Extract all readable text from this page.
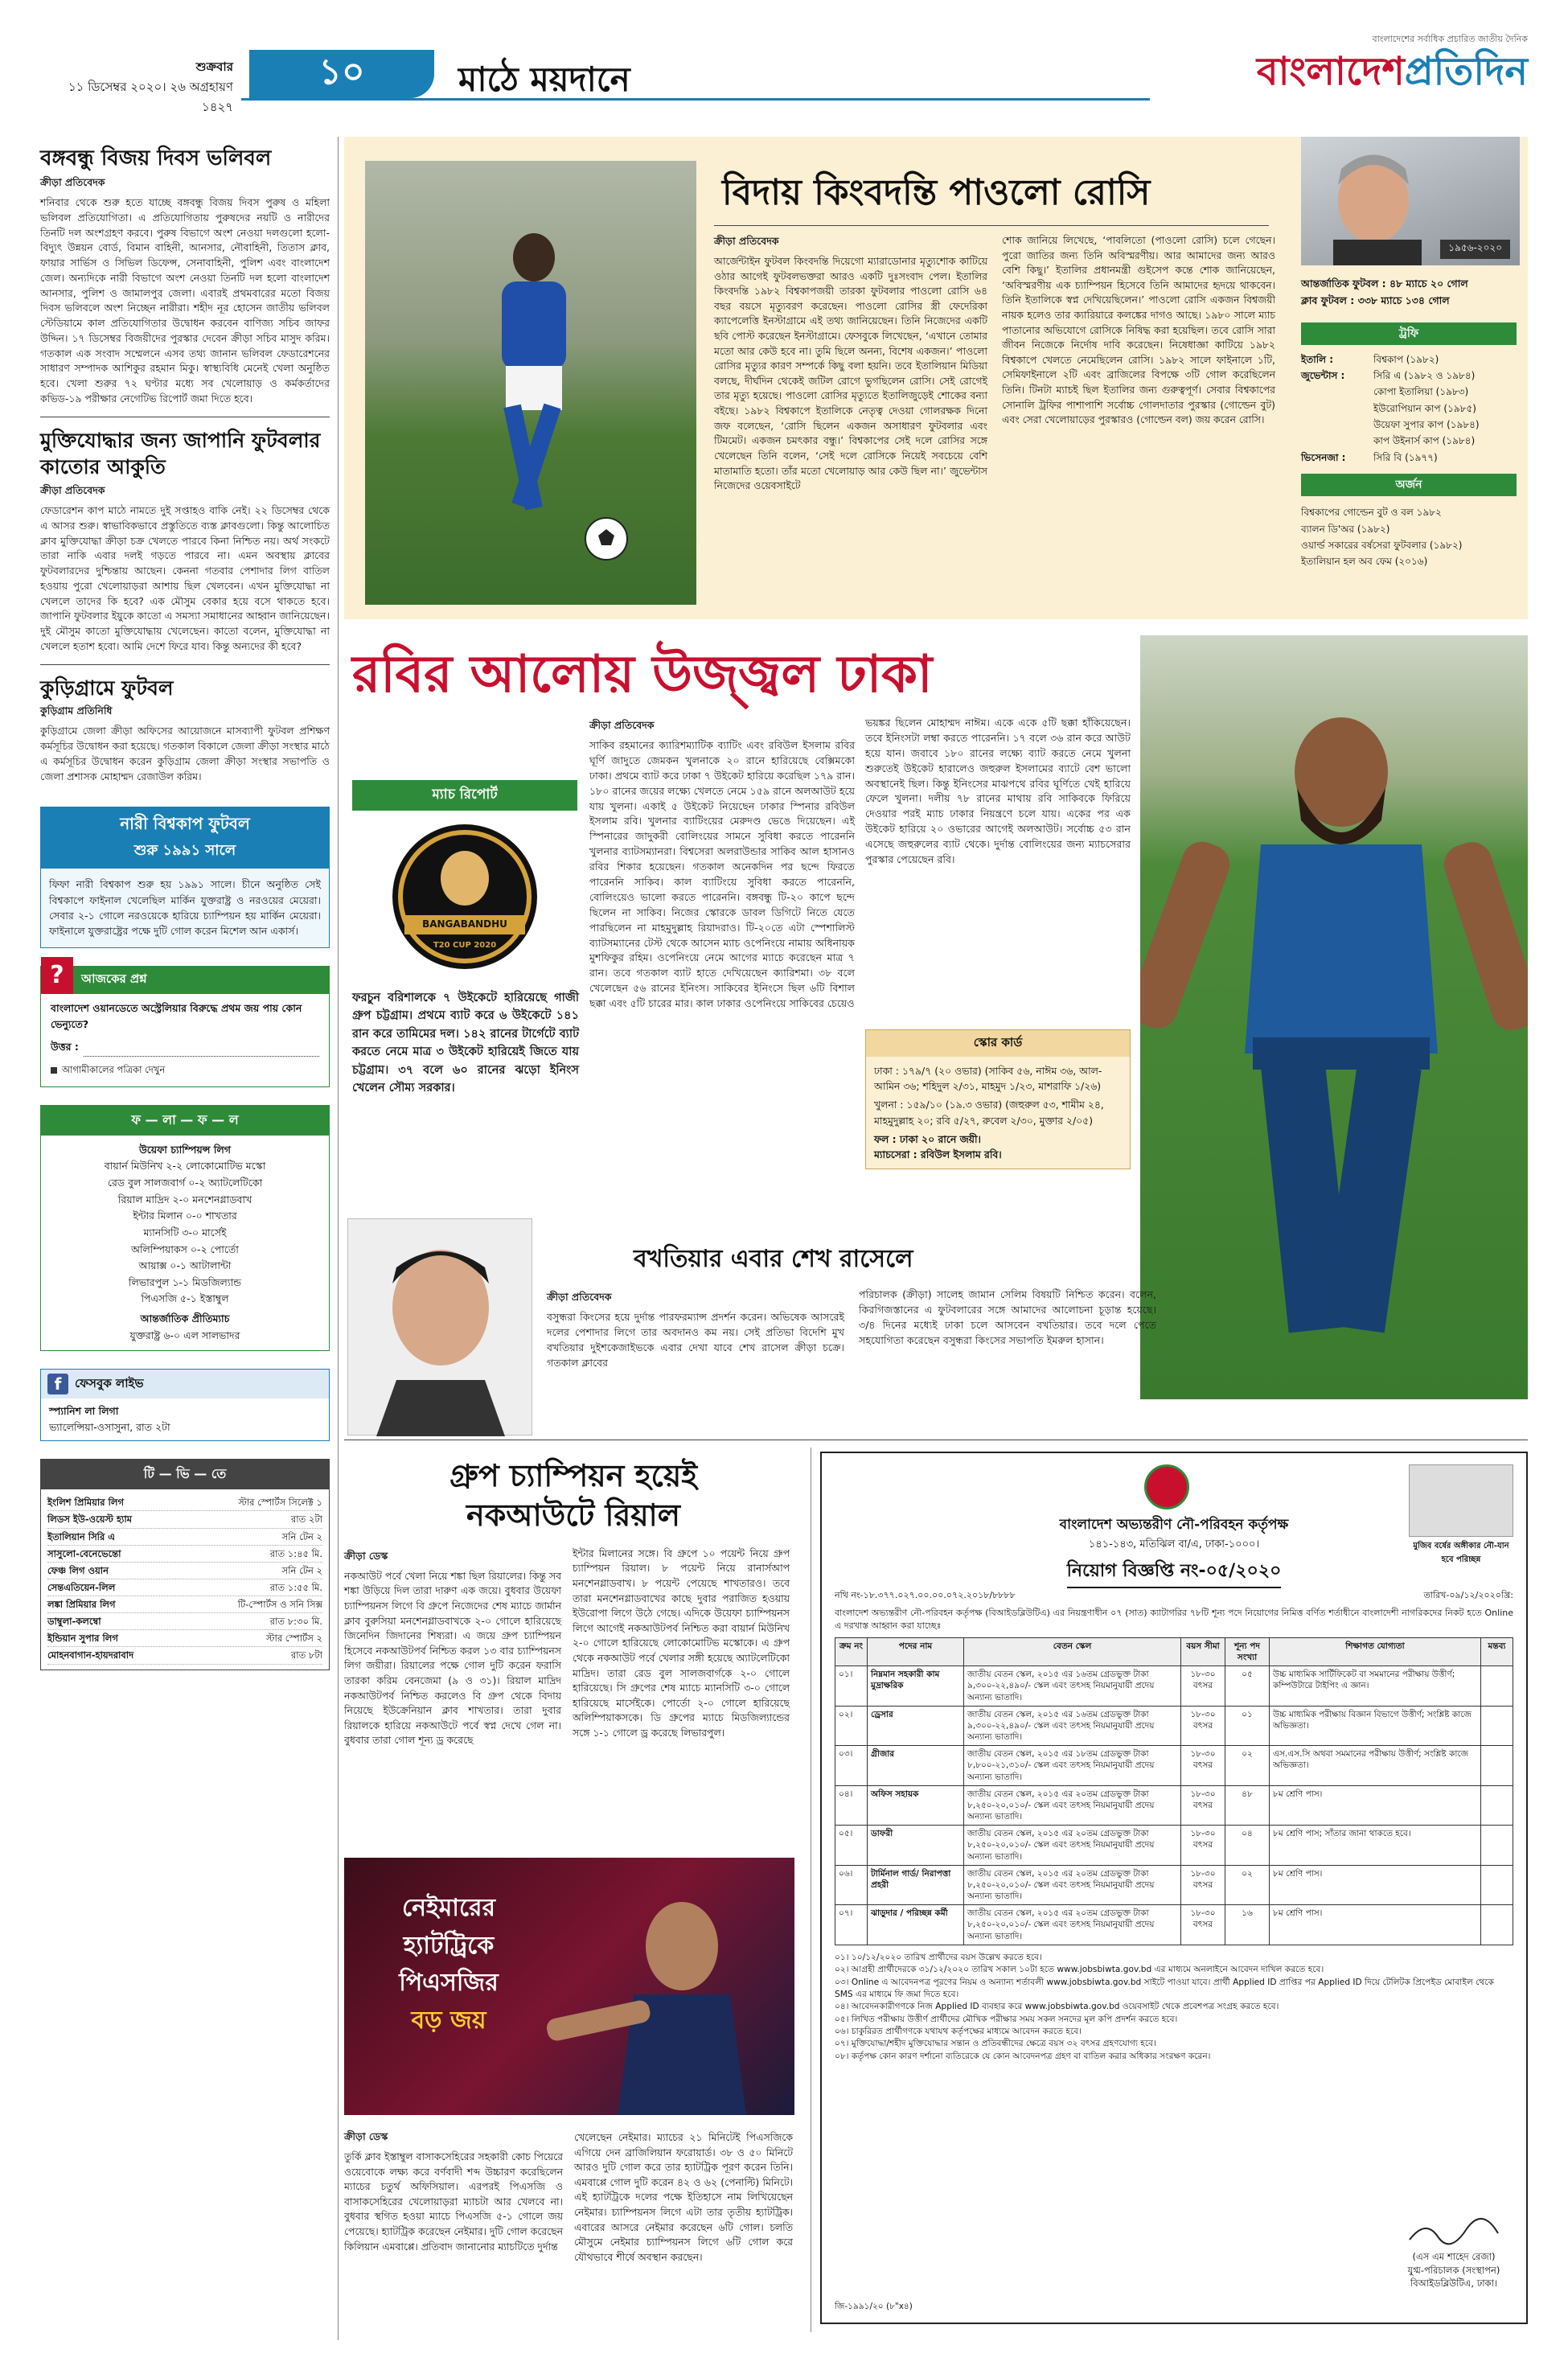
শুক্রবার
১১ ডিসেম্বর ২০২০। ২৬ অগ্রহায়ণ ১৪২৭
১০	মাঠে ময়দানে
বাংলাদেশের সর্বাধিক প্রচারিত জাতীয় দৈনিক
বাংলাদেশপ্রতিদিন
বঙ্গবন্ধু বিজয় দিবস ভলিবল
ক্রীড়া প্রতিবেদক
শনিবার থেকে শুরু হতে যাচ্ছে বঙ্গবন্ধু বিজয় দিবস পুরুষ ও মহিলা ভলিবল প্রতিযোগিতা। এ প্রতিযোগিতায় পুরুষদের নয়টি ও নারীদের তিনটি দল অংশগ্রহণ করবে। পুরুষ বিভাগে অংশ নেওয়া দলগুলো হলো- বিদ্যুৎ উন্নয়ন বোর্ড, বিমান বাহিনী, আনসার, নৌবাহিনী, তিতাস ক্লাব, ফায়ার সার্ভিস ও সিভিল ডিফেন্স, সেনাবাহিনী, পুলিশ এবং বাংলাদেশ জেল। অন্যদিকে নারী বিভাগে অংশ নেওয়া তিনটি দল হলো বাংলাদেশ আনসার, পুলিশ ও জামালপুর জেলা। এবারই প্রথমবারের মতো বিজয় দিবস ভলিবলে অংশ নিচ্ছেন নারীরা। শহীদ নূর হোসেন জাতীয় ভলিবল স্টেডিয়ামে কাল প্রতিযোগিতার উদ্বোধন করবেন বাণিজ্য সচিব জাফর উদ্দিন। ১৭ ডিসেম্বর বিজয়ীদের পুরস্কার দেবেন ক্রীড়া সচিব মাসুদ করিম। গতকাল এক সংবাদ সম্মেলনে এসব তথ্য জানান ভলিবল ফেডারেশনের সাধারণ সম্পাদক আশিকুর রহমান মিকু। স্বাস্থ্যবিধি মেনেই খেলা অনুষ্ঠিত হবে। খেলা শুরুর ৭২ ঘণ্টার মধ্যে সব খেলোয়াড় ও কর্মকর্তাদের কভিড-১৯ পরীক্ষার নেগেটিভ রিপোর্ট জমা দিতে হবে।
মুক্তিযোদ্ধার জন্য জাপানি ফুটবলার কাতোর আকুতি
ক্রীড়া প্রতিবেদক
ফেডারেশন কাপ মাঠে নামতে দুই সপ্তাহও বাকি নেই। ২২ ডিসেম্বর থেকে এ আসর শুরু। স্বাভাবিকভাবে প্রস্তুতিতে ব্যস্ত ক্লাবগুলো। কিন্তু আলোচিত ক্লাব মুক্তিযোদ্ধা ক্রীড়া চক্র খেলতে পারবে কিনা নিশ্চিত নয়। অর্থ সংকটে তারা নাকি এবার দলই গড়তে পারবে না। এমন অবস্থায় ক্লাবের ফুটবলারদের দুশ্চিন্তায় আছেন। কেননা গতবার পেশাদার লিগ বাতিল হওয়ায় পুরো খেলোয়াড়রা আশায় ছিল খেলবেন। এখন মুক্তিযোদ্ধা না খেললে তাদের কি হবে? এক মৌসুম বেকার হয়ে বসে থাকতে হবে। জাপানি ফুটবলার ইয়ুকে কাতো এ সমস্যা সমাধানের আহ্বান জানিয়েছেন। দুই মৌসুম কাতো মুক্তিযোদ্ধায় খেলেছেন। কাতো বলেন, মুক্তিযোদ্ধা না খেললে হতাশ হবো। আমি দেশে ফিরে যাব। কিন্তু অন্যদের কী হবে?
কুড়িগ্রামে ফুটবল
কুড়িগ্রাম প্রতিনিধি
কুড়িগ্রামে জেলা ক্রীড়া অফিসের আয়োজনে মাসব্যাপী ফুটবল প্রশিক্ষণ কর্মসূচির উদ্বোধন করা হয়েছে। গতকাল বিকালে জেলা ক্রীড়া সংস্থার মাঠে এ কর্মসূচির উদ্বোধন করেন কুড়িগ্রাম জেলা ক্রীড়া সংস্থার সভাপতি ও জেলা প্রশাসক মোহাম্মদ রেজাউল করিম।
নারী বিশ্বকাপ ফুটবল
শুরু ১৯৯১ সালে
ফিফা নারী বিশ্বকাপ শুরু হয় ১৯৯১ সালে। চীনে অনুষ্ঠিত সেই বিশ্বকাপে ফাইনাল খেলেছিল মার্কিন যুক্তরাষ্ট্র ও নরওয়ের মেয়েরা। সেবার ২-১ গোলে নরওয়েকে হারিয়ে চ্যাম্পিয়ন হয় মার্কিন মেয়েরা। ফাইনালে যুক্তরাষ্ট্রের পক্ষে দুটি গোল করেন মিশেল আন একার্স।
?	আজকের প্রশ্ন
বাংলাদেশ ওয়ানডেতে অস্ট্রেলিয়ার বিরুদ্ধে প্রথম জয় পায় কোন ভেন্যুতে?
উত্তর :
আগামীকালের পত্রিকা দেখুন
ফ — লা — ফ — ল
উয়েফা চ্যাম্পিয়ন্স লিগ
বায়ার্ন মিউনিখ ২-২ লোকোমোটিভ মস্কো
রেড বুল সালজবার্গ ০-২ অ্যাটলেটিকো
রিয়াল মাদ্রিদ ২-০ মনশেনগ্লাডবাখ
ইন্টার মিলান ০-০ শাখতার
ম্যানসিটি ৩-০ মার্সেই
অলিম্পিয়াকস ০-২ পোর্তো
আয়াক্স ০-১ আটালান্টা
লিভারপুল ১-১ মিডজিল্যান্ড
পিএসজি ৫-১ ইস্তাম্বুল
আন্তর্জাতিক প্রীতিম্যাচ
যুক্তরাষ্ট্র ৬-০ এল সালভাদর
f	ফেসবুক লাইভ
স্প্যানিশ লা লিগা
ভ্যালেন্সিয়া-ওসাসুনা, রাত ২টা
টি — ভি — তে
ইংলিশ প্রিমিয়ার লিগ	স্টার স্পোর্টস সিলেক্ট ১
লিডস ইউ-ওয়েস্ট হ্যাম	রাত ২টা
ইতালিয়ান সিরি এ	সনি টেন ২
সাসুলো-বেনেভেন্তো	রাত ১:৪৫ মি.
ফেঞ্চ লিগ ওয়ান	সনি টেন ২
সেন্তএতিয়েন-লিল	রাত ১:৫৫ মি.
লঙ্কা প্রিমিয়ার লিগ	টি-স্পোর্টস ও সনি সিক্স
ডাম্বুলা-কলম্বো	রাত ৮:৩০ মি.
ইন্ডিয়ান সুপার লিগ	স্টার স্পোর্টস ২
মোহনবাগান-হায়দরাবাদ	রাত ৮টা
বিদায় কিংবদন্তি পাওলো রোসি
ক্রীড়া প্রতিবেদক
আর্জেন্টাইন ফুটবল কিংবদন্তি দিয়েগো ম্যারাডোনার মৃত্যুশোক কাটিয়ে ওঠার আগেই ফুটবলভক্তরা আরও একটি দুঃসংবাদ পেল। ইতালির কিংবদন্তি ১৯৮২ বিশ্বকাপজয়ী তারকা ফুটবলার পাওলো রোসি ৬৪ বছর বয়সে মৃত্যুবরণ করেছেন। পাওলো রোসির স্ত্রী ফেদেরিকা ক্যাপেলেত্তি ইনস্টাগ্রামে এই তথ্য জানিয়েছেন। তিনি নিজেদের একটি ছবি পোস্ট করেছেন ইনস্টাগ্রামে। ফেসবুকে লিখেছেন, ‘এখানে তোমার মতো আর কেউ হবে না। তুমি ছিলে অনন্য, বিশেষ একজন।’ পাওলো রোসির মৃত্যুর কারণ সম্পর্কে কিছু বলা হয়নি। তবে ইতালিয়ান মিডিয়া বলছে, দীর্ঘদিন থেকেই জটিল রোগে ভুগছিলেন রোসি। সেই রোগেই তার মৃত্যু হয়েছে। পাওলো রোসির মৃত্যুতে ইতালিজুড়েই শোকের বন্যা বইছে। ১৯৮২ বিশ্বকাপে ইতালিকে নেতৃত্ব দেওয়া গোলরক্ষক দিনো জফ বলেছেন, ‘রোসি ছিলেন একজন অসাধারণ ফুটবলার এবং টিমমেট। একজন চমৎকার বন্ধু।’ বিশ্বকাপের সেই দলে রোসির সঙ্গে খেলেছেন তিনি বলেন, ‘সেই দলে রোসিকে নিয়েই সবচেয়ে বেশি মাতামাতি হতো। তাঁর মতো খেলোয়াড় আর কেউ ছিল না।’ জুভেন্টাস নিজেদের ওয়েবসাইটে
শোক জানিয়ে লিখেছে, ‘পাবলিতো (পাওলো রোসি) চলে গেছেন। পুরো জাতির জন্য তিনি অবিস্মরণীয়। আর আমাদের জন্য আরও বেশি কিছু।’ ইতালির প্রধানমন্ত্রী গুইসেপ কন্তে শোক জানিয়েছেন, ‘অবিস্মরণীয় এক চ্যাম্পিয়ন হিসেবে তিনি আমাদের হৃদয়ে থাকবেন। তিনি ইতালিকে স্বপ্ন দেখিয়েছিলেন।’ পাওলো রোসি একজন বিশ্বজয়ী নায়ক হলেও তার ক্যারিয়ারে কলঙ্কের দাগও আছে। ১৯৮০ সালে ম্যাচ পাতানোর অভিযোগে রোসিকে নিষিদ্ধ করা হয়েছিল। তবে রোসি সারা জীবন নিজেকে নির্দোষ দাবি করেছেন। নিষেধাজ্ঞা কাটিয়ে ১৯৮২ বিশ্বকাপে খেলতে নেমেছিলেন রোসি। ১৯৮২ সালে ফাইনালে ১টি, সেমিফাইনালে ২টি এবং ব্রাজিলের বিপক্ষে ৩টি গোল করেছিলেন তিনি। টিনটা ম্যাচই ছিল ইতালির জন্য গুরুত্বপূর্ণ। সেবার বিশ্বকাপের সোনালি ট্রফির পাশাপাশি সর্বোচ্চ গোলদাতার পুরস্কার (গোল্ডেন বুট) এবং সেরা খেলোয়াড়ের পুরস্কারও (গোল্ডেন বল) জয় করেন রোসি।
১৯৫৬-২০২০
আন্তর্জাতিক ফুটবল : ৪৮ ম্যাচে ২০ গোল
ক্লাব ফুটবল : ৩৩৮ ম্যাচে ১৩৪ গোল
ট্রফি
ইতালি :	বিশ্বকাপ (১৯৮২)
জুভেন্টাস :	সিরি এ (১৯৮২ ও ১৯৮৪)
কোপা ইতালিয়া (১৯৮৩)
ইউরোপিয়ান কাপ (১৯৮৫)
উয়েফা সুপার কাপ (১৯৮৪)
কাপ উইনার্স কাপ (১৯৮৪)
ভিসেনজা :	সিরি বি (১৯৭৭)
অর্জন
বিশ্বকাপের গোল্ডেন বুট ও বল ১৯৮২
ব্যালন ডি'অর (১৯৮২)
ওয়ার্ল্ড সকারের বর্ষসেরা ফুটবলার (১৯৮২)
ইতালিয়ান হল অব ফেম (২০১৬)
রবির আলোয় উজ্জ্বল ঢাকা
ম্যাচ রিপোর্ট
BANGABANDHU
T20 CUP 2020
ফরচুন বরিশালকে ৭ উইকেটে হারিয়েছে গাজী গ্রুপ চট্টগ্রাম। প্রথমে ব্যাট করে ৬ উইকেটে ১৪১ রান করে তামিমের দল। ১৪২ রানের টার্গেটে ব্যাট করতে নেমে মাত্র ৩ উইকেট হারিয়েই জিতে যায় চট্টগ্রাম। ৩৭ বলে ৬০ রানের ঝড়ো ইনিংস খেলেন সৌম্য সরকার।
ক্রীড়া প্রতিবেদক
সাকিব রহমানের ক্যারিশম্যাটিক ব্যাটিং এবং রবিউল ইসলাম রবির ঘূর্ণি জাদুতে জেমকন খুলনাকে ২০ রানে হারিয়েছে বেক্সিমকো ঢাকা। প্রথমে ব্যাট করে ঢাকা ৭ উইকেট হারিয়ে করেছিল ১৭৯ রান। ১৮০ রানের জয়ের লক্ষ্যে খেলতে নেমে ১৫৯ রানে অলআউট হয়ে যায় খুলনা। একাই ৫ উইকেট নিয়েছেন ঢাকার স্পিনার রবিউল ইসলাম রবি। খুলনার ব্যাটিংয়ের মেরুদণ্ড ভেঙে দিয়েছেন। এই স্পিনারের জাদুকরী বোলিংয়ের সামনে সুবিধা করতে পারেননি খুলনার ব্যাটসম্যানরা। বিশ্বসেরা অলরাউন্ডার সাকিব আল হাসানও রবির শিকার হয়েছেন। গতকাল অনেকদিন পর ছন্দে ফিরতে পারেননি সাকিব। কাল ব্যাটিংয়ে সুবিধা করতে পারেননি, বোলিংয়েও ভালো করতে পারেননি। বঙ্গবন্ধু টি-২০ কাপে ছন্দে ছিলেন না সাকিব। নিজের স্কোরকে ডাবল ডিগিটে নিতে যেতে পারছিলেন না মাহমুদুল্লাহ রিয়াদরাও। টি-২০তে এটা স্পেশালিস্ট ব্যাটসম্যানের টেস্ট থেকে আসেন ম্যাচ ওপেনিংয়ে নামায় অধিনায়ক মুশফিকুর রহিম। ওপেনিংয়ে নেমে আগের ম্যাচে করেছেন মাত্র ৭ রান। তবে গতকাল ব্যাট হাতে দেখিয়েছেন ক্যারিশমা। ৩৮ বলে খেলেছেন ৫৬ রানের ইনিংস। সাকিবের ইনিংসে ছিল ৬টি বিশাল ছক্কা এবং ৫টি চারের মার। কাল ঢাকার ওপেনিংয়ে সাকিবের চেয়েও
ভয়ঙ্কর ছিলেন মোহাম্মদ নাঈম। একে একে ৫টি ছক্কা হাঁকিয়েছেন। তবে ইনিংসটা লম্বা করতে পারেননি। ১৭ বলে ৩৬ রান করে আউট হয়ে যান। জবাবে ১৮০ রানের লক্ষ্যে ব্যাট করতে নেমে খুলনা শুরুতেই উইকেট হারালেও জহুরুল ইসলামের ব্যাটে বেশ ভালো অবস্থানেই ছিল। কিন্তু ইনিংসের মাঝপথে রবির ঘূর্ণিতে খেই হারিয়ে ফেলে খুলনা। দলীয় ৭৮ রানের মাথায় রবি সাকিবকে ফিরিয়ে দেওয়ার পরই ম্যাচ ঢাকার নিয়ন্ত্রণে চলে যায়। একের পর এক উইকেট হারিয়ে ২০ ওভারের আগেই অলআউট। সর্বোচ্চ ৫৩ রান এসেছে জহুরুলের ব্যাট থেকে। দুর্দান্ত বোলিংয়ের জন্য ম্যাচসেরার পুরস্কার পেয়েছেন রবি।
স্কোর কার্ড
ঢাকা : ১৭৯/৭ (২০ ওভার) (সাকিব ৫৬, নাঈম ৩৬, আল-আমিন ৩৬; শহিদুল ২/৩১, মাহমুদ ১/২৩, মাশরাফি ১/২৬)
খুলনা : ১৫৯/১০ (১৯.৩ ওভার) (জহুরুল ৫৩, শামীম ২৪, মাহমুদুল্লাহ ২০; রবি ৫/২৭, রুবেল ২/৩০, মুক্তার ২/০৫)
ফল : ঢাকা ২০ রানে জয়ী।
ম্যাচসেরা : রবিউল ইসলাম রবি।
বখতিয়ার এবার শেখ রাসেলে
ক্রীড়া প্রতিবেদক
বসুন্ধরা কিংসের হয়ে দুর্দান্ত পারফরম্যান্স প্রদর্শন করেন। অভিষেক আসরেই দলের পেশাদার লিগে তার অবদানও কম নয়। সেই প্রতিভা বিদেশি মুখ বখতিয়ার দুইশকেজাইভকে এবার দেখা যাবে শেখ রাসেল ক্রীড়া চক্রে। গতকাল ক্লাবের
পরিচালক (ক্রীড়া) সালেহ জামান সেলিম বিষয়টি নিশ্চিত করেন। বলেন, কিরগিজস্তানের এ ফুটবলারের সঙ্গে আমাদের আলোচনা চূড়ান্ত হয়েছে। ৩/৪ দিনের মধ্যেই ঢাকা চলে আসবেন বখতিয়ার। তবে দলে পেতে সহযোগিতা করেছেন বসুন্ধরা কিংসের সভাপতি ইমরুল হাসান।
গ্রুপ চ্যাম্পিয়ন হয়েই
নকআউটে রিয়াল
ক্রীড়া ডেস্ক
নকআউট পর্বে খেলা নিয়ে শঙ্কা ছিল রিয়ালের। কিন্তু সব শঙ্কা উড়িয়ে দিল তারা দারুণ এক জয়ে। বুধবার উয়েফা চ্যাম্পিয়নস লিগে বি গ্রুপে নিজেদের শেষ ম্যাচে জার্মান ক্লাব বুরুসিয়া মনশেনগ্লাডবাখকে ২-০ গোলে হারিয়েছে জিনেদিন জিদানের শিষ্যরা। এ জয়ে গ্রুপ চ্যাম্পিয়ন হিসেবে নকআউটপর্ব নিশ্চিত করল ১৩ বার চ্যাম্পিয়নস লিগ জয়ীরা। রিয়ালের পক্ষে গোল দুটি করেন ফরাসি তারকা করিম বেনজেমা (৯ ও ৩১)। রিয়াল মাদ্রিদ নকআউটপর্ব নিশ্চিত করলেও বি গ্রুপ থেকে বিদায় নিয়েছে ইউক্রেনিয়ান ক্লাব শাখতার। তারা দুবার রিয়ালকে হারিয়ে নকআউটে পর্বে স্বপ্ন দেখে গেল না। বুধবার তারা গোল শূন্য ড্র করেছে
ইন্টার মিলানের সঙ্গে। বি গ্রুপে ১০ পয়েন্ট নিয়ে গ্রুপ চ্যাম্পিয়ন রিয়াল। ৮ পয়েন্ট নিয়ে রানার্সআপ মনশেনগ্লাডবাখ। ৮ পয়েন্ট পেয়েছে শাখতারও। তবে তারা মনশেনগ্লাডবাখের কাছে দুবার পরাজিত হওয়ায় ইউরোপা লিগে উঠে গেছে। এদিকে উয়েফা চ্যাম্পিয়নস লিগে আগেই নকআউটপর্ব নিশ্চিত করা বায়ার্ন মিউনিখ ২-০ গোলে হারিয়েছে লোকোমোটিভ মস্কোকে। এ গ্রুপ থেকে নকআউট পর্বে খেলার সঙ্গী হয়েছে অ্যাটলেটিকো মাদ্রিদ। তারা রেড বুল সালজবার্গকে ২-০ গোলে হারিয়েছে। সি গ্রুপের শেষ ম্যাচে ম্যানসিটি ৩-০ গোলে হারিয়েছে মার্সেইকে। পোর্তো ২-০ গোলে হারিয়েছে অলিম্পিয়াকসকে। ডি গ্রুপের ম্যাচে মিডজিল্যান্ডের সঙ্গে ১-১ গোলে ড্র করেছে লিভারপুল।
নেইমারের
হ্যাটট্রিকে
পিএসজির
বড় জয়
ক্রীড়া ডেস্ক
তুর্কি ক্লাব ইস্তাম্বুল বাসাকসেহিরের সহকারী কোচ পিয়েরে ওয়েবোকে লক্ষ্য করে বর্ণবাদী শব্দ উচ্চারণ করেছিলেন ম্যাচের চতুর্থ অফিসিয়াল। এরপরই পিএসজি ও বাসাকসেহিরের খেলোয়াড়রা ম্যাচটা আর খেলবে না। বুধবার স্থগিত হওয়া ম্যাচে পিএসজি ৫-১ গোলে জয় পেয়েছে। হ্যাটট্রিক করেছেন নেইমার। দুটি গোল করেছেন কিলিয়ান এমবাপ্পে। প্রতিবাদ জানানোর ম্যাচটিতে দুর্দান্ত
খেলেছেন নেইমার। ম্যাচের ২১ মিনিটেই পিএসজিকে এগিয়ে দেন ব্রাজিলিয়ান ফরোয়ার্ড। ৩৮ ও ৫০ মিনিটে আরও দুটি গোল করে তার হ্যাটট্রিক পূরণ করেন তিনি। এমবাপ্পে গোল দুটি করেন ৪২ ও ৬২ (পেনাল্টি) মিনিটে। এই হ্যাটট্রিকে দলের পক্ষে ইতিহাসে নাম লিখিয়েছেন নেইমার। চ্যাম্পিয়নস লিগে এটা তার তৃতীয় হ্যাটট্রিক। এবারের আসরে নেইমার করেছেন ৬টি গোল। চলতি মৌসুমে নেইমার চ্যাম্পিয়নস লিগে ৬টি গোল করে যৌথভাবে শীর্ষে অবস্থান করছেন।
মুজিব বর্ষের অঙ্গীকার নৌ-যান হবে পরিচ্ছন্ন
বাংলাদেশ অভ্যন্তরীণ নৌ-পরিবহন কর্তৃপক্ষ
১৪১-১৪৩, মতিঝিল বা/এ, ঢাকা-১০০০।
নিয়োগ বিজ্ঞপ্তি নং-০৫/২০২০
নথি নং-১৮.৩৭৭.০২৭.০০.০০.০৭২.২০১৮/৮৮৮৮	তারিখ-০৯/১২/২০২০খ্রি:
বাংলাদেশ অভ্যন্তরীণ নৌ-পরিবহন কর্তৃপক্ষ (বিআইডব্লিউটিএ) এর নিয়ন্ত্রণাধীন ০৭ (সাত) ক্যাটাগরির ৭৮টি শূন্য পদে নিয়োগের নিমিত্ত বর্ণিত শর্তাধীনে বাংলাদেশী নাগরিকদের নিকট হতে Online এ দরখাস্ত আহ্বান করা যাচ্ছেঃ
ক্রম নং	পদের নাম	বেতন স্কেল	বয়স সীমা	শূন্য পদ সংখ্যা	শিক্ষাগত যোগ্যতা	মন্তব্য
০১।	নিম্নমান সহকারী কাম মুদ্রাক্ষরিক	জাতীয় বেতন স্কেল, ২০১৫ এর ১৬তম গ্রেডভুক্ত টাকা ৯,৩০০-২২,৪৯০/- স্কেল এবং তৎসহ নিয়মানুযায়ী প্রদেয় অন্যান্য ভাতাদি।	১৮-৩০ বৎসর	০৫	উচ্চ মাধ্যমিক সার্টিফিকেট বা সমমানের পরীক্ষায় উত্তীর্ণ; কম্পিউটারে টাইপিং এ জ্ঞান।	
০২।	ড্রেসার	জাতীয় বেতন স্কেল, ২০১৫ এর ১৬তম গ্রেডভুক্ত টাকা ৯,৩০০-২২,৪৯০/- স্কেল এবং তৎসহ নিয়মানুযায়ী প্রদেয় অন্যান্য ভাতাদি।	১৮-৩০ বৎসর	০১	উচ্চ মাধ্যমিক পরীক্ষায় বিজ্ঞান বিভাগে উত্তীর্ণ; সংশ্লিষ্ট কাজে অভিজ্ঞতা।	
০৩।	গ্রীজার	জাতীয় বেতন স্কেল, ২০১৫ এর ১৮তম গ্রেডভুক্ত টাকা ৮,৮০০-২১,৩১০/- স্কেল এবং তৎসহ নিয়মানুযায়ী প্রদেয় অন্যান্য ভাতাদি।	১৮-৩০ বৎসর	০২	এস.এস.সি অথবা সমমানের পরীক্ষায় উত্তীর্ণ; সংশ্লিষ্ট কাজে অভিজ্ঞতা।	
০৪।	অফিস সহায়ক	জাতীয় বেতন স্কেল, ২০১৫ এর ২০তম গ্রেডভুক্ত টাকা ৮,২৫০-২০,০১০/- স্কেল এবং তৎসহ নিয়মানুযায়ী প্রদেয় অন্যান্য ভাতাদি।	১৮-৩০ বৎসর	৪৮	৮ম শ্রেণি পাস।	
০৫।	ডাফরী	জাতীয় বেতন স্কেল, ২০১৫ এর ২০তম গ্রেডভুক্ত টাকা ৮,২৫০-২০,০১০/- স্কেল এবং তৎসহ নিয়মানুযায়ী প্রদেয় অন্যান্য ভাতাদি।	১৮-৩০ বৎসর	০৪	৮ম শ্রেণি পাস; সাঁতার জানা থাকতে হবে।	
০৬।	টার্মিনাল গার্ড/ নিরাপত্তা প্রহরী	জাতীয় বেতন স্কেল, ২০১৫ এর ২০তম গ্রেডভুক্ত টাকা ৮,২৫০-২০,০১০/- স্কেল এবং তৎসহ নিয়মানুযায়ী প্রদেয় অন্যান্য ভাতাদি।	১৮-৩০ বৎসর	০২	৮ম শ্রেণি পাস।	
০৭।	ঝাড়ুদার / পরিচ্ছন্ন কর্মী	জাতীয় বেতন স্কেল, ২০১৫ এর ২০তম গ্রেডভুক্ত টাকা ৮,২৫০-২০,০১০/- স্কেল এবং তৎসহ নিয়মানুযায়ী প্রদেয় অন্যান্য ভাতাদি।	১৮-৩০ বৎসর	১৬	৮ম শ্রেণি পাস।	
০১। ১০/১২/২০২০ তারিখ প্রার্থীদের বয়স উল্লেখ করতে হবে।
০২। আগ্রহী প্রার্থীদেরকে ৩১/১২/২০২০ তারিখ সকাল ১০টা হতে www.jobsbiwta.gov.bd এর মাধ্যমে অনলাইনে আবেদন দাখিল করতে হবে।
০৩। Online এ আবেদনপত্র পূরণের নিয়ম ও অন্যান্য শর্তাবলী www.jobsbiwta.gov.bd সাইটে পাওয়া যাবে। প্রার্থী Applied ID প্রাপ্তির পর Applied ID দিয়ে টেলিটক প্রিপেইড মোবাইল থেকে SMS এর মাধ্যমে ফি জমা দিতে হবে।
০৪। আবেদনকারীগণকে নিজ Applied ID ব্যবহার করে www.jobsbiwta.gov.bd ওয়েবসাইট থেকে প্রবেশপত্র সংগ্রহ করতে হবে।
০৫। লিখিত পরীক্ষায় উত্তীর্ণ প্রার্থীদের মৌখিক পরীক্ষার সময় সকল সনদের মূল কপি প্রদর্শন করতে হবে।
০৬। চাকুরিরত প্রার্থীগণকে যথাযথ কর্তৃপক্ষের মাধ্যমে আবেদন করতে হবে।
০৭। মুক্তিযোদ্ধা/শহীদ মুক্তিযোদ্ধার সন্তান ও প্রতিবন্ধীদের ক্ষেত্রে বয়স ৩২ বৎসর গ্রহণযোগ্য হবে।
০৮। কর্তৃপক্ষ কোন কারণ দর্শানো ব্যতিরেকে যে কোন আবেদনপত্র গ্রহণ বা বাতিল করার অধিকার সংরক্ষণ করেন।
(এস এম শাহেদ রেজা)
যুগ্ম-পরিচালক (সংস্থাপন)
বিআইডব্লিউটিএ, ঢাকা।
জি-১৯৯১/২০ (৮"x৪)
